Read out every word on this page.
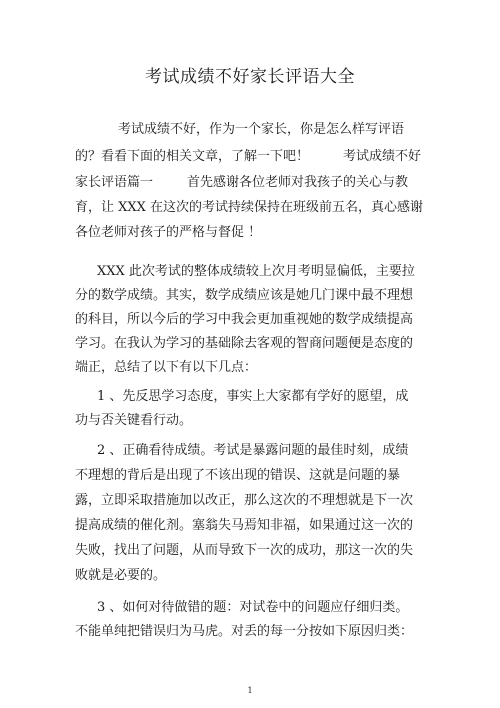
考试成绩不好家长评语大全
考试成绩不好，作为一个家长，你是怎么样写评语
的？看看下面的相关文章，了解一下吧！	考试成绩不好
家长评语篇一	首先感谢各位老师对我孩子的关心与教
育，让 XXX 在这次的考试持续保持在班级前五名，真心感谢
各位老师对孩子的严格与督促 ！
XXX 此次考试的整体成绩较上次月考明显偏低，主要拉
分的数学成绩。其实，数学成绩应该是她几门课中最不理想
的科目，所以今后的学习中我会更加重视她的数学成绩提高
学习。在我认为学习的基础除去客观的智商问题便是态度的
端正，总结了以下有以下几点：
1 、先反思学习态度，事实上大家都有学好的愿望，成
功与否关键看行动。
2 、正确看待成绩。考试是暴露问题的最佳时刻，成绩
不理想的背后是出现了不该出现的错误、这就是问题的暴
露，立即采取措施加以改正，那么这次的不理想就是下一次
提高成绩的催化剂。塞翁失马焉知非福，如果通过这一次的
失败，找出了问题，从而导致下一次的成功，那这一次的失
败就是必要的。
3 、如何对待做错的题：对试卷中的问题应仔细归类。
不能单纯把错误归为马虎。对丢的每一分按如下原因归类：
1
